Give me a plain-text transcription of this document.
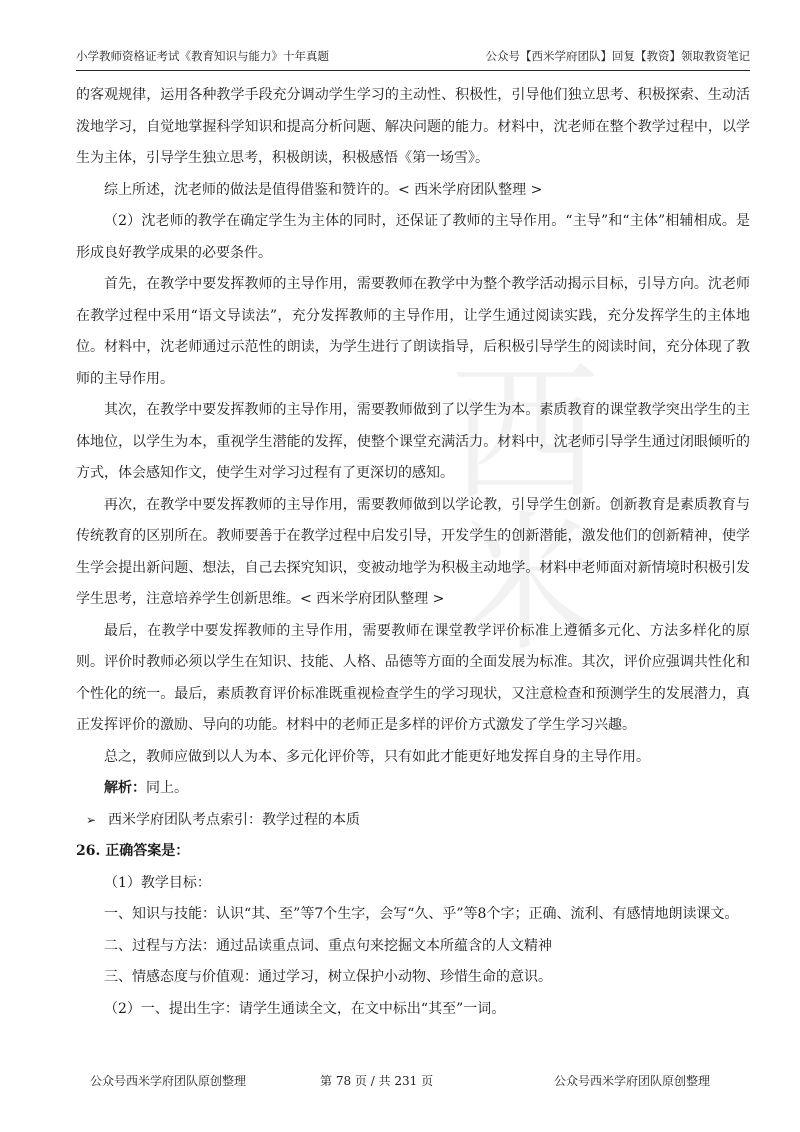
小学教师资格证考试《教育知识与能力》十年真题	公众号【西米学府团队】回复【教资】领取教资笔记
西米

的客观规律，运用各种教学手段充分调动学生学习的主动性、积极性，引导他们独立思考、积极探索、生动活泼地学习，自觉地掌握科学知识和提高分析问题、解决问题的能力。材料中，沈老师在整个教学过程中，以学生为主体，引导学生独立思考，积极朗读，积极感悟《第一场雪》。

综上所述，沈老师的做法是值得借鉴和赞许的。< 西米学府团队整理 >

（2）沈老师的教学在确定学生为主体的同时，还保证了教师的主导作用。“主导”和“主体”相辅相成。是形成良好教学成果的必要条件。

首先，在教学中要发挥教师的主导作用，需要教师在教学中为整个教学活动揭示目标，引导方向。沈老师在教学过程中采用“语文导读法”，充分发挥教师的主导作用，让学生通过阅读实践，充分发挥学生的主体地位。材料中，沈老师通过示范性的朗读，为学生进行了朗读指导，后积极引导学生的阅读时间，充分体现了教师的主导作用。

其次，在教学中要发挥教师的主导作用，需要教师做到了以学生为本。素质教育的课堂教学突出学生的主体地位，以学生为本，重视学生潜能的发挥，使整个课堂充满活力。材料中，沈老师引导学生通过闭眼倾听的方式，体会感知作文，使学生对学习过程有了更深切的感知。

再次，在教学中要发挥教师的主导作用，需要教师做到以学论教，引导学生创新。创新教育是素质教育与传统教育的区别所在。教师要善于在教学过程中启发引导，开发学生的创新潜能，激发他们的创新精神，使学生学会提出新问题、想法，自己去探究知识，变被动地学为积极主动地学。材料中老师面对新情境时积极引发学生思考，注意培养学生创新思维。< 西米学府团队整理 >

最后，在教学中要发挥教师的主导作用，需要教师在课堂教学评价标准上遵循多元化、方法多样化的原则。评价时教师必须以学生在知识、技能、人格、品德等方面的全面发展为标准。其次，评价应强调共性化和个性化的统一。最后，素质教育评价标准既重视检查学生的学习现状，又注意检查和预测学生的发展潜力，真正发挥评价的激励、导向的功能。材料中的老师正是多样的评价方式激发了学生学习兴趣。

总之，教师应做到以人为本、多元化评价等，只有如此才能更好地发挥自身的主导作用。

解析：同上。

➢ 西米学府团队考点索引：教学过程的本质

26. 正确答案是：

（1）教学目标：

一、知识与技能：认识“其、至”等7个生字，会写“久、乎”等8个字；正确、流利、有感情地朗读课文。

二、过程与方法：通过品读重点词、重点句来挖掘文本所蕴含的人文精神

三、情感态度与价值观：通过学习，树立保护小动物、珍惜生命的意识。

（2）一、提出生字：请学生通读全文，在文中标出“其至”一词。

公众号西米学府团队原创整理	第 78 页 / 共 231 页	公众号西米学府团队原创整理
